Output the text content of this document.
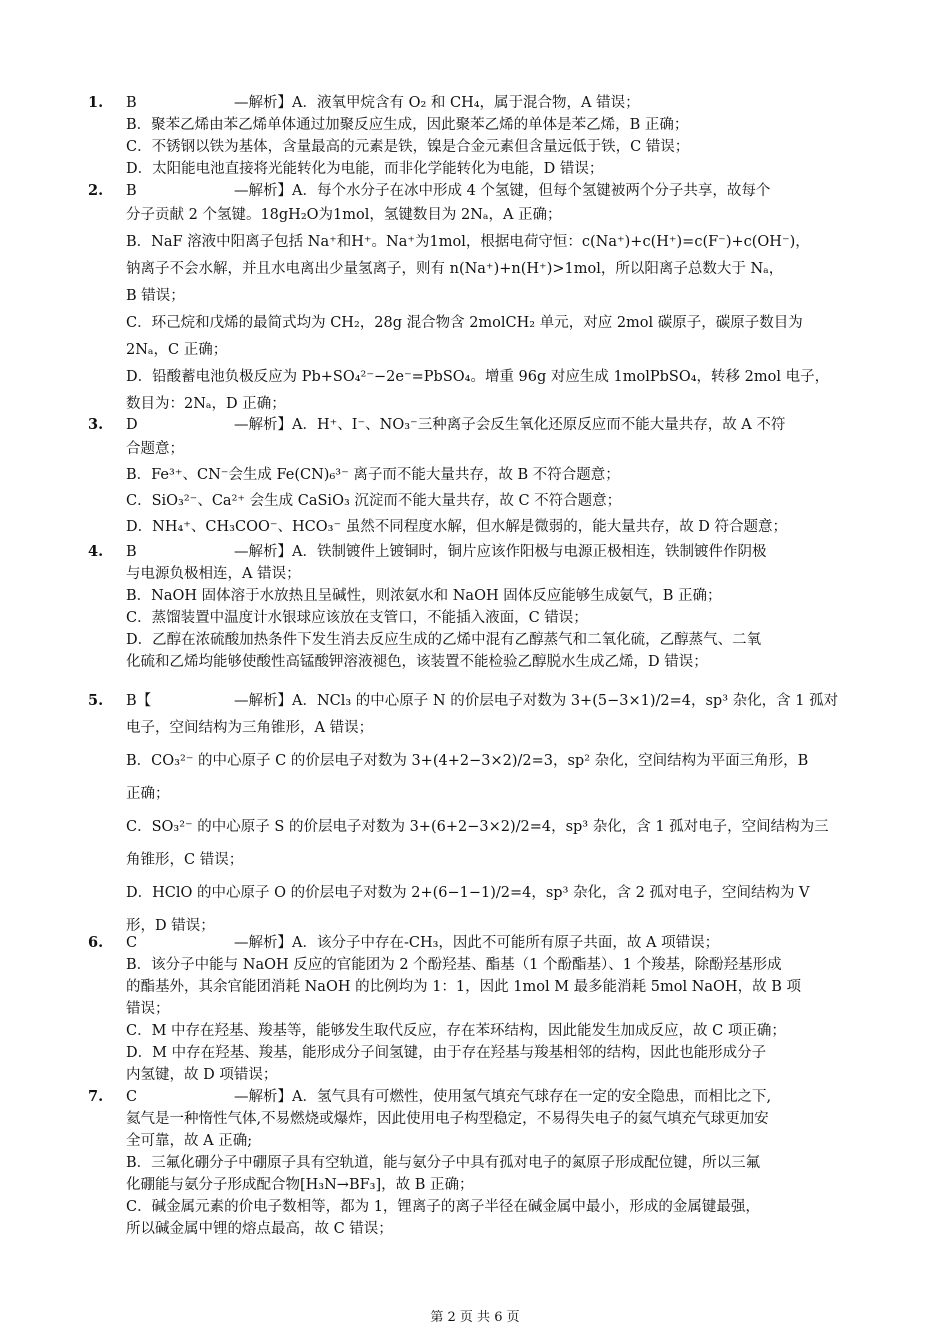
1.	B	—解析】A．液氧甲烷含有 O₂ 和 CH₄，属于混合物，A 错误；
B．聚苯乙烯由苯乙烯单体通过加聚反应生成，因此聚苯乙烯的单体是苯乙烯，B 正确；
C．不锈钢以铁为基体，含量最高的元素是铁，镍是合金元素但含量远低于铁，C 错误；
D．太阳能电池直接将光能转化为电能，而非化学能转化为电能，D 错误；
2.	B	—解析】A．每个水分子在冰中形成 4 个氢键，但每个氢键被两个分子共享，故每个
分子贡献 2 个氢键。18gH₂O为1mol，氢键数目为 2Nₐ，A 正确；
B．NaF 溶液中阳离子包括 Na⁺和H⁺。Na⁺为1mol，根据电荷守恒：c(Na⁺)+c(H⁺)=c(F⁻)+c(OH⁻)，
钠离子不会水解，并且水电离出少量氢离子，则有 n(Na⁺)+n(H⁺)>1mol，所以阳离子总数大于 Nₐ，
B 错误；
C．环己烷和戊烯的最简式均为 CH₂，28g 混合物含 2molCH₂ 单元，对应 2mol 碳原子，碳原子数目为
2Nₐ，C 正确；
D．铅酸蓄电池负极反应为 Pb+SO₄²⁻−2e⁻=PbSO₄。增重 96g 对应生成 1molPbSO₄，转移 2mol 电子，
数目为：2Nₐ，D 正确；
3.	D	—解析】A．H⁺、I⁻、NO₃⁻三种离子会反生氧化还原反应而不能大量共存，故 A 不符
合题意；
B．Fe³⁺、CN⁻会生成 Fe(CN)₆³⁻ 离子而不能大量共存，故 B 不符合题意；
C．SiO₃²⁻、Ca²⁺ 会生成 CaSiO₃ 沉淀而不能大量共存，故 C 不符合题意；
D．NH₄⁺、CH₃COO⁻、HCO₃⁻ 虽然不同程度水解，但水解是微弱的，能大量共存，故 D 符合题意；
4.	B	—解析】A．铁制镀件上镀铜时，铜片应该作阳极与电源正极相连，铁制镀件作阴极
与电源负极相连，A 错误；
B．NaOH 固体溶于水放热且呈碱性，则浓氨水和 NaOH 固体反应能够生成氨气，B 正确；
C．蒸馏装置中温度计水银球应该放在支管口，不能插入液面，C 错误；
D．乙醇在浓硫酸加热条件下发生消去反应生成的乙烯中混有乙醇蒸气和二氧化硫，乙醇蒸气、二氧
化硫和乙烯均能够使酸性高锰酸钾溶液褪色，该装置不能检验乙醇脱水生成乙烯，D 错误；
5.	B【	—解析】A．NCl₃ 的中心原子 N 的价层电子对数为 3+(5−3×1)/2=4，sp³ 杂化，含 1 孤对
电子，空间结构为三角锥形，A 错误；
B．CO₃²⁻ 的中心原子 C 的价层电子对数为 3+(4+2−3×2)/2=3，sp² 杂化，空间结构为平面三角形，B
正确；
C．SO₃²⁻ 的中心原子 S 的价层电子对数为 3+(6+2−3×2)/2=4，sp³ 杂化，含 1 孤对电子，空间结构为三
角锥形，C 错误；
D．HClO 的中心原子 O 的价层电子对数为 2+(6−1−1)/2=4，sp³ 杂化，含 2 孤对电子，空间结构为 V
形，D 错误；
6.	C	—解析】A．该分子中存在-CH₃，因此不可能所有原子共面，故 A 项错误；
B．该分子中能与 NaOH 反应的官能团为 2 个酚羟基、酯基（1 个酚酯基）、1 个羧基，除酚羟基形成
的酯基外，其余官能团消耗 NaOH 的比例均为 1：1，因此 1mol M 最多能消耗 5mol NaOH，故 B 项
错误；
C．M 中存在羟基、羧基等，能够发生取代反应，存在苯环结构，因此能发生加成反应，故 C 项正确；
D．M 中存在羟基、羧基，能形成分子间氢键，由于存在羟基与羧基相邻的结构，因此也能形成分子
内氢键，故 D 项错误；
7.	C	—解析】A．氢气具有可燃性，使用氢气填充气球存在一定的安全隐患，而相比之下,
氦气是一种惰性气体,不易燃烧或爆炸，因此使用电子构型稳定，不易得失电子的氦气填充气球更加安
全可靠，故 A 正确;
B．三氟化硼分子中硼原子具有空轨道，能与氨分子中具有孤对电子的氮原子形成配位键，所以三氟
化硼能与氨分子形成配合物[H₃N→BF₃]，故 B 正确；
C．碱金属元素的价电子数相等，都为 1，锂离子的离子半径在碱金属中最小，形成的金属键最强，
所以碱金属中锂的熔点最高，故 C 错误；
第 2 页 共 6 页
